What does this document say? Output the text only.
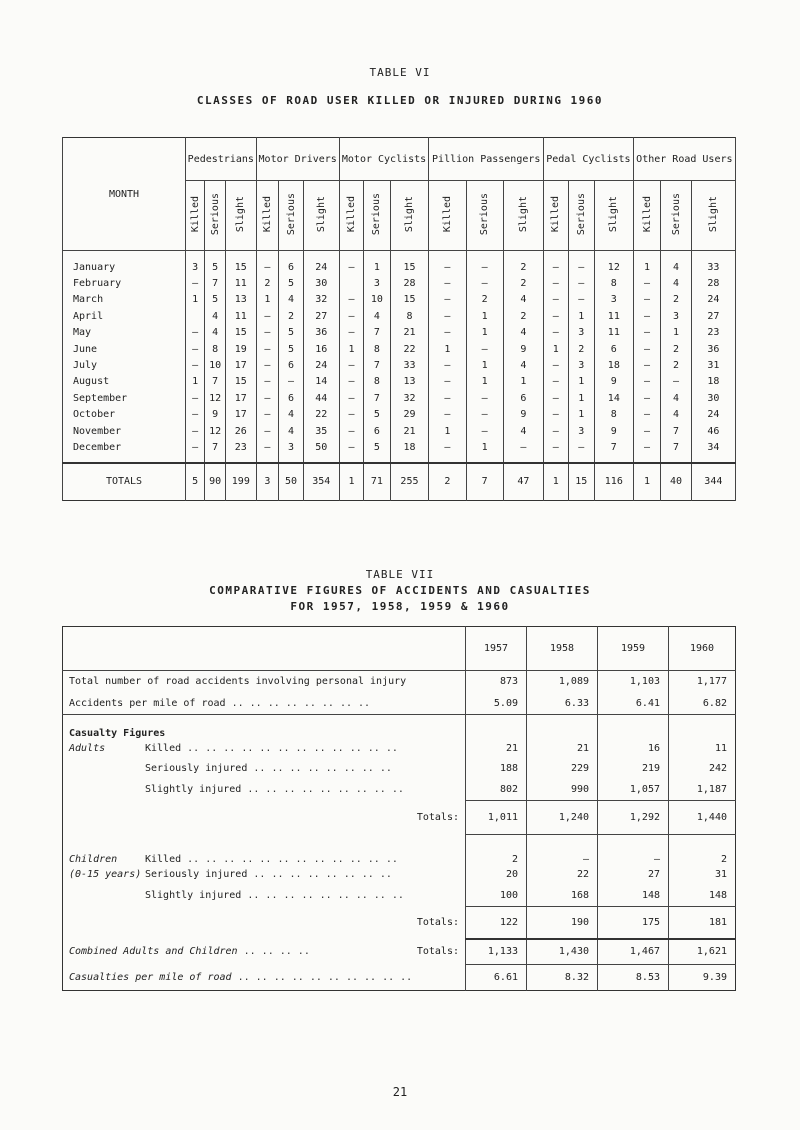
TABLE VI
CLASSES OF ROAD USER KILLED OR INJURED DURING 1960
MONTH	Pedestrians			Motor Drivers			Motor Cyclists			Pillion Passengers			Pedal Cyclists			Other Road Users		
	Killed	Serious	Slight	Killed	Serious	Slight	Killed	Serious	Slight	Killed	Serious	Slight	Killed	Serious	Slight	Killed	Serious	Slight
January	3	5	15	–	6	24	–	1	15	–	–	2	–	–	12	1	4	33
February	–	7	11	2	5	30		3	28	–	–	2	–	–	8	–	4	28
March	1	5	13	1	4	32	–	10	15	–	2	4	–	–	3	–	2	24
April		4	11	–	2	27	–	4	8	–	1	2	–	1	11	–	3	27
May	–	4	15	–	5	36	–	7	21	–	1	4	–	3	11	–	1	23
June	–	8	19	–	5	16	1	8	22	1	–	9	1	2	6	–	2	36
July	–	10	17	–	6	24	–	7	33	–	1	4	–	3	18	–	2	31
August	1	7	15	–	–	14	–	8	13	–	1	1	–	1	9	–	–	18
September	–	12	17	–	6	44	–	7	32	–	–	6	–	1	14	–	4	30
October	–	9	17	–	4	22	–	5	29	–	–	9	–	1	8	–	4	24
November	–	12	26	–	4	35	–	6	21	1	–	4	–	3	9	–	7	46
December	–	7	23	–	3	50	–	5	18	–	1	–	–	–	7	–	7	34
TOTALS	5	90	199	3	50	354	1	71	255	2	7	47	1	15	116	1	40	344
TABLE VII
COMPARATIVE FIGURES OF ACCIDENTS AND CASUALTIES
FOR 1957, 1958, 1959 & 1960
	1957	1958	1959	1960
Total number of road accidents involving personal injury	873	1,089	1,103	1,177
Accidents per mile of road .. .. .. .. .. .. .. ..	5.09	6.33	6.41	6.82
Casualty Figures				
Adults Killed .. .. .. .. .. .. .. .. .. .. .. ..	21	21	16	11
Seriously injured .. .. .. .. .. .. .. ..	188	229	219	242
Slightly injured .. .. .. .. .. .. .. .. ..	802	990	1,057	1,187
Totals:	1,011	1,240	1,292	1,440
Children Killed .. .. .. .. .. .. .. .. .. .. .. ..	2	–	–	2
(0-15 years) Seriously injured .. .. .. .. .. .. .. ..	20	22	27	31
Slightly injured .. .. .. .. .. .. .. .. ..	100	168	148	148
Totals:	122	190	175	181
Combined Adults and Children .. .. .. .. Totals:	1,133	1,430	1,467	1,621
Casualties per mile of road .. .. .. .. .. .. .. .. .. ..	6.61	8.32	8.53	9.39
21
